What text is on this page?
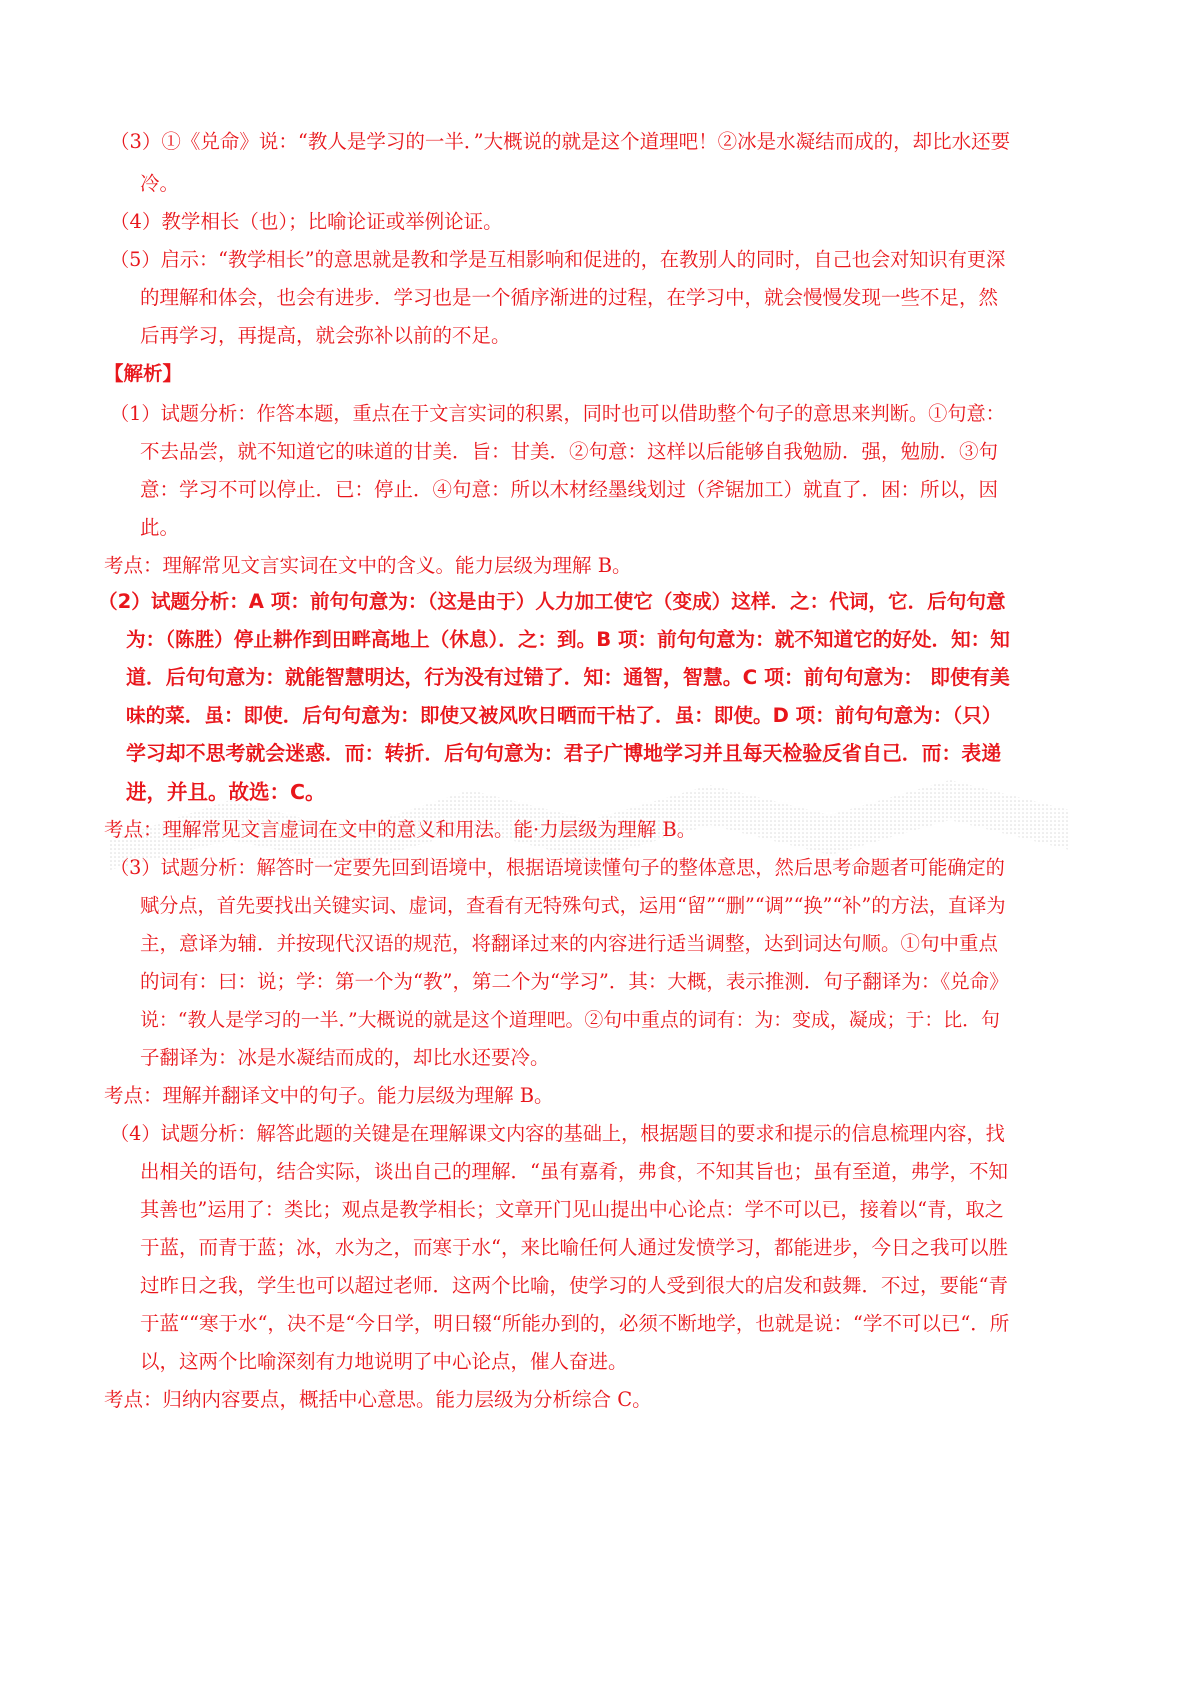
（3）①《兑命》说：“教人是学习的一半．”大概说的就是这个道理吧！②冰是水凝结而成的，却比水还要
冷。
（4）教学相长（也）；比喻论证或举例论证。
（5）启示：“教学相长”的意思就是教和学是互相影响和促进的，在教别人的同时，自己也会对知识有更深
的理解和体会，也会有进步．学习也是一个循序渐进的过程，在学习中，就会慢慢发现一些不足，然
后再学习，再提高，就会弥补以前的不足。
【解析】
（1）试题分析：作答本题，重点在于文言实词的积累，同时也可以借助整个句子的意思来判断。①句意：
不去品尝，就不知道它的味道的甘美．旨：甘美．②句意：这样以后能够自我勉励．强，勉励．③句
意：学习不可以停止．已：停止．④句意：所以木材经墨线划过（斧锯加工）就直了．困：所以，因
此。
考点：理解常见文言实词在文中的含义。能力层级为理解 B。
（2）试题分析：A 项：前句句意为：（这是由于）人力加工使它（变成）这样．之：代词，它．后句句意
为：（陈胜）停止耕作到田畔高地上（休息）．之：到。B 项：前句句意为：就不知道它的好处．知：知
道．后句句意为：就能智慧明达，行为没有过错了．知：通智，智慧。C 项：前句句意为： 即使有美
味的菜．虽：即使．后句句意为：即使又被风吹日晒而干枯了．虽：即使。D 项：前句句意为：（只）
学习却不思考就会迷惑．而：转折．后句句意为：君子广博地学习并且每天检验反省自己．而：表递
进，并且。故选：C。
考点：理解常见文言虚词在文中的意义和用法。能·力层级为理解 B。
（3）试题分析：解答时一定要先回到语境中，根据语境读懂句子的整体意思，然后思考命题者可能确定的
赋分点，首先要找出关键实词、虚词，查看有无特殊句式，运用“留”“删”“调”“换”“补”的方法，直译为
主，意译为辅．并按现代汉语的规范，将翻译过来的内容进行适当调整，达到词达句顺。①句中重点
的词有：曰：说；学：第一个为“教”，第二个为“学习”．其：大概，表示推测．句子翻译为：《兑命》
说：“教人是学习的一半．”大概说的就是这个道理吧。②句中重点的词有：为：变成，凝成；于：比．句
子翻译为：冰是水凝结而成的，却比水还要冷。
考点：理解并翻译文中的句子。能力层级为理解 B。
（4）试题分析：解答此题的关键是在理解课文内容的基础上，根据题目的要求和提示的信息梳理内容，找
出相关的语句，结合实际，谈出自己的理解．“虽有嘉肴，弗食，不知其旨也；虽有至道，弗学，不知
其善也”运用了：类比；观点是教学相长；文章开门见山提出中心论点：学不可以已，接着以“青，取之
于蓝，而青于蓝；冰，水为之，而寒于水“，来比喻任何人通过发愤学习，都能进步，今日之我可以胜
过昨日之我，学生也可以超过老师．这两个比喻，使学习的人受到很大的启发和鼓舞．不过，要能“青
于蓝““寒于水“，决不是“今日学，明日辍“所能办到的，必须不断地学，也就是说：“学不可以已“．所
以，这两个比喻深刻有力地说明了中心论点，催人奋进。
考点：归纳内容要点，概括中心意思。能力层级为分析综合 C。
